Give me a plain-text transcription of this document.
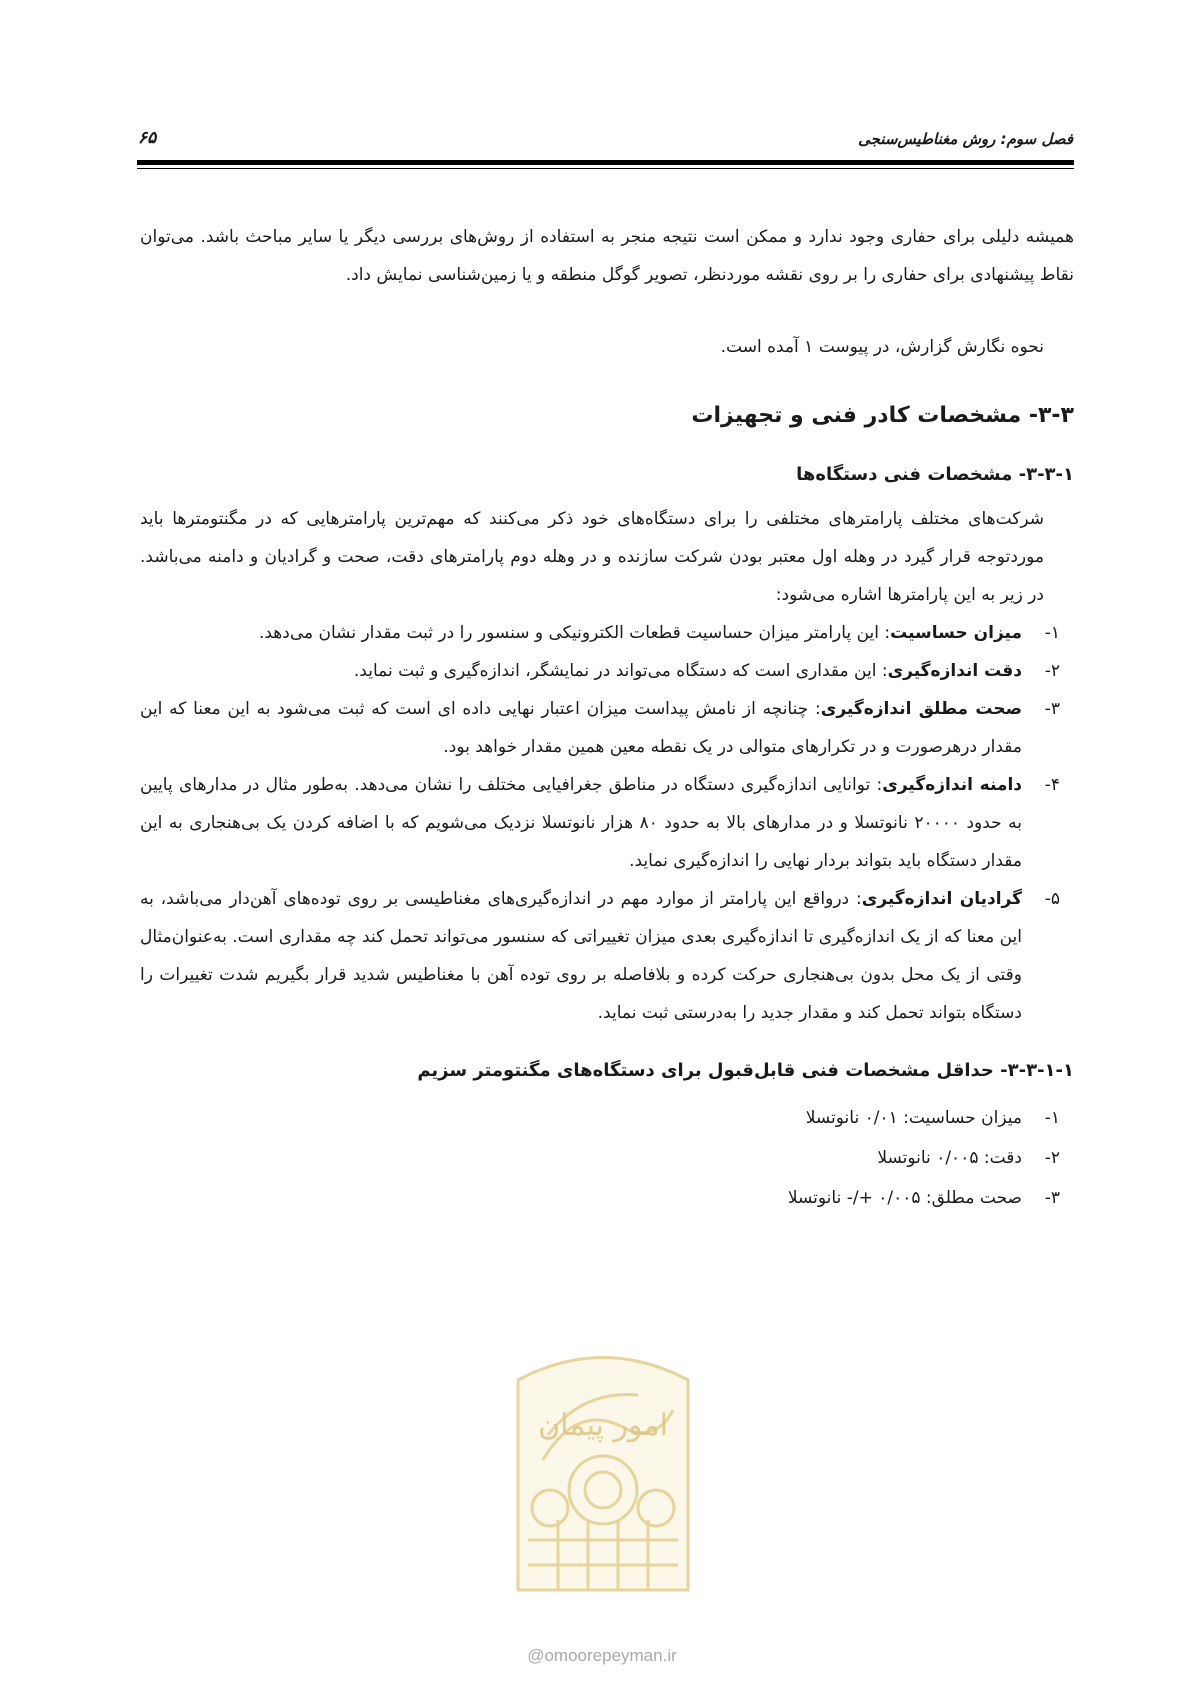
فصل سوم: روش مغناطیس‌سنجی
۶۵

همیشه دلیلی برای حفاری وجود ندارد و ممکن است نتیجه منجر به استفاده از روش‌های بررسی دیگر یا سایر مباحث باشد. می‌توان نقاط پیشنهادی برای حفاری را بر روی نقشه موردنظر، تصویر گوگل منطقه و یا زمین‌شناسی نمایش داد.

نحوه نگارش گزارش، در پیوست ۱ آمده است.

۳-۳- مشخصات کادر فنی و تجهیزات
۳-۳-۱- مشخصات فنی دستگاه‌ها

شرکت‌های مختلف پارامترهای مختلفی را برای دستگاه‌های خود ذکر می‌کنند که مهم‌ترین پارامترهایی که در مگنتومترها باید موردتوجه قرار گیرد در وهله اول معتبر بودن شرکت سازنده و در وهله دوم پارامترهای دقت، صحت و گرادیان و دامنه می‌باشد. در زیر به این پارامترها اشاره می‌شود:

۱-
میزان حساسیت: این پارامتر میزان حساسیت قطعات الکترونیکی و سنسور را در ثبت مقدار نشان می‌دهد.
۲-
دقت اندازه‌گیری: این مقداری است که دستگاه می‌تواند در نمایشگر، اندازه‌گیری و ثبت نماید.
۳-
صحت مطلق اندازه‌گیری: چنانچه از نامش پیداست میزان اعتبار نهایی داده ای است که ثبت می‌شود به این معنا که این مقدار درهرصورت و در تکرارهای متوالی در یک نقطه معین همین مقدار خواهد بود.
۴-
دامنه اندازه‌گیری: توانایی اندازه‌گیری دستگاه در مناطق جغرافیایی مختلف را نشان می‌دهد. به‌طور مثال در مدارهای پایین به حدود ۲۰۰۰۰ نانوتسلا و در مدارهای بالا به حدود ۸۰ هزار نانوتسلا نزدیک می‌شویم که با اضافه کردن یک بی‌هنجاری به این مقدار دستگاه باید بتواند بردار نهایی را اندازه‌گیری نماید.
۵-
گرادیان اندازه‌گیری: درواقع این پارامتر از موارد مهم در اندازه‌گیری‌های مغناطیسی بر روی توده‌های آهن‌دار می‌باشد، به این معنا که از یک اندازه‌گیری تا اندازه‌گیری بعدی میزان تغییراتی که سنسور می‌تواند تحمل کند چه مقداری است. به‌عنوان‌مثال وقتی از یک محل بدون بی‌هنجاری حرکت کرده و بلافاصله بر روی توده آهن با مغناطیس شدید قرار بگیریم شدت تغییرات را دستگاه بتواند تحمل کند و مقدار جدید را به‌درستی ثبت نماید.
۳-۳-۱-۱- حداقل مشخصات فنی قابل‌قبول برای دستگاه‌های مگنتومتر سزیم
۱-
میزان حساسیت: ۰/۰۱ نانوتسلا
۲-
دقت: ۰/۰۰۵ نانوتسلا
۳-
صحت مطلق: ۰/۰۰۵ +/- نانوتسلا
امور پیمان
@omoorepeyman.ir
